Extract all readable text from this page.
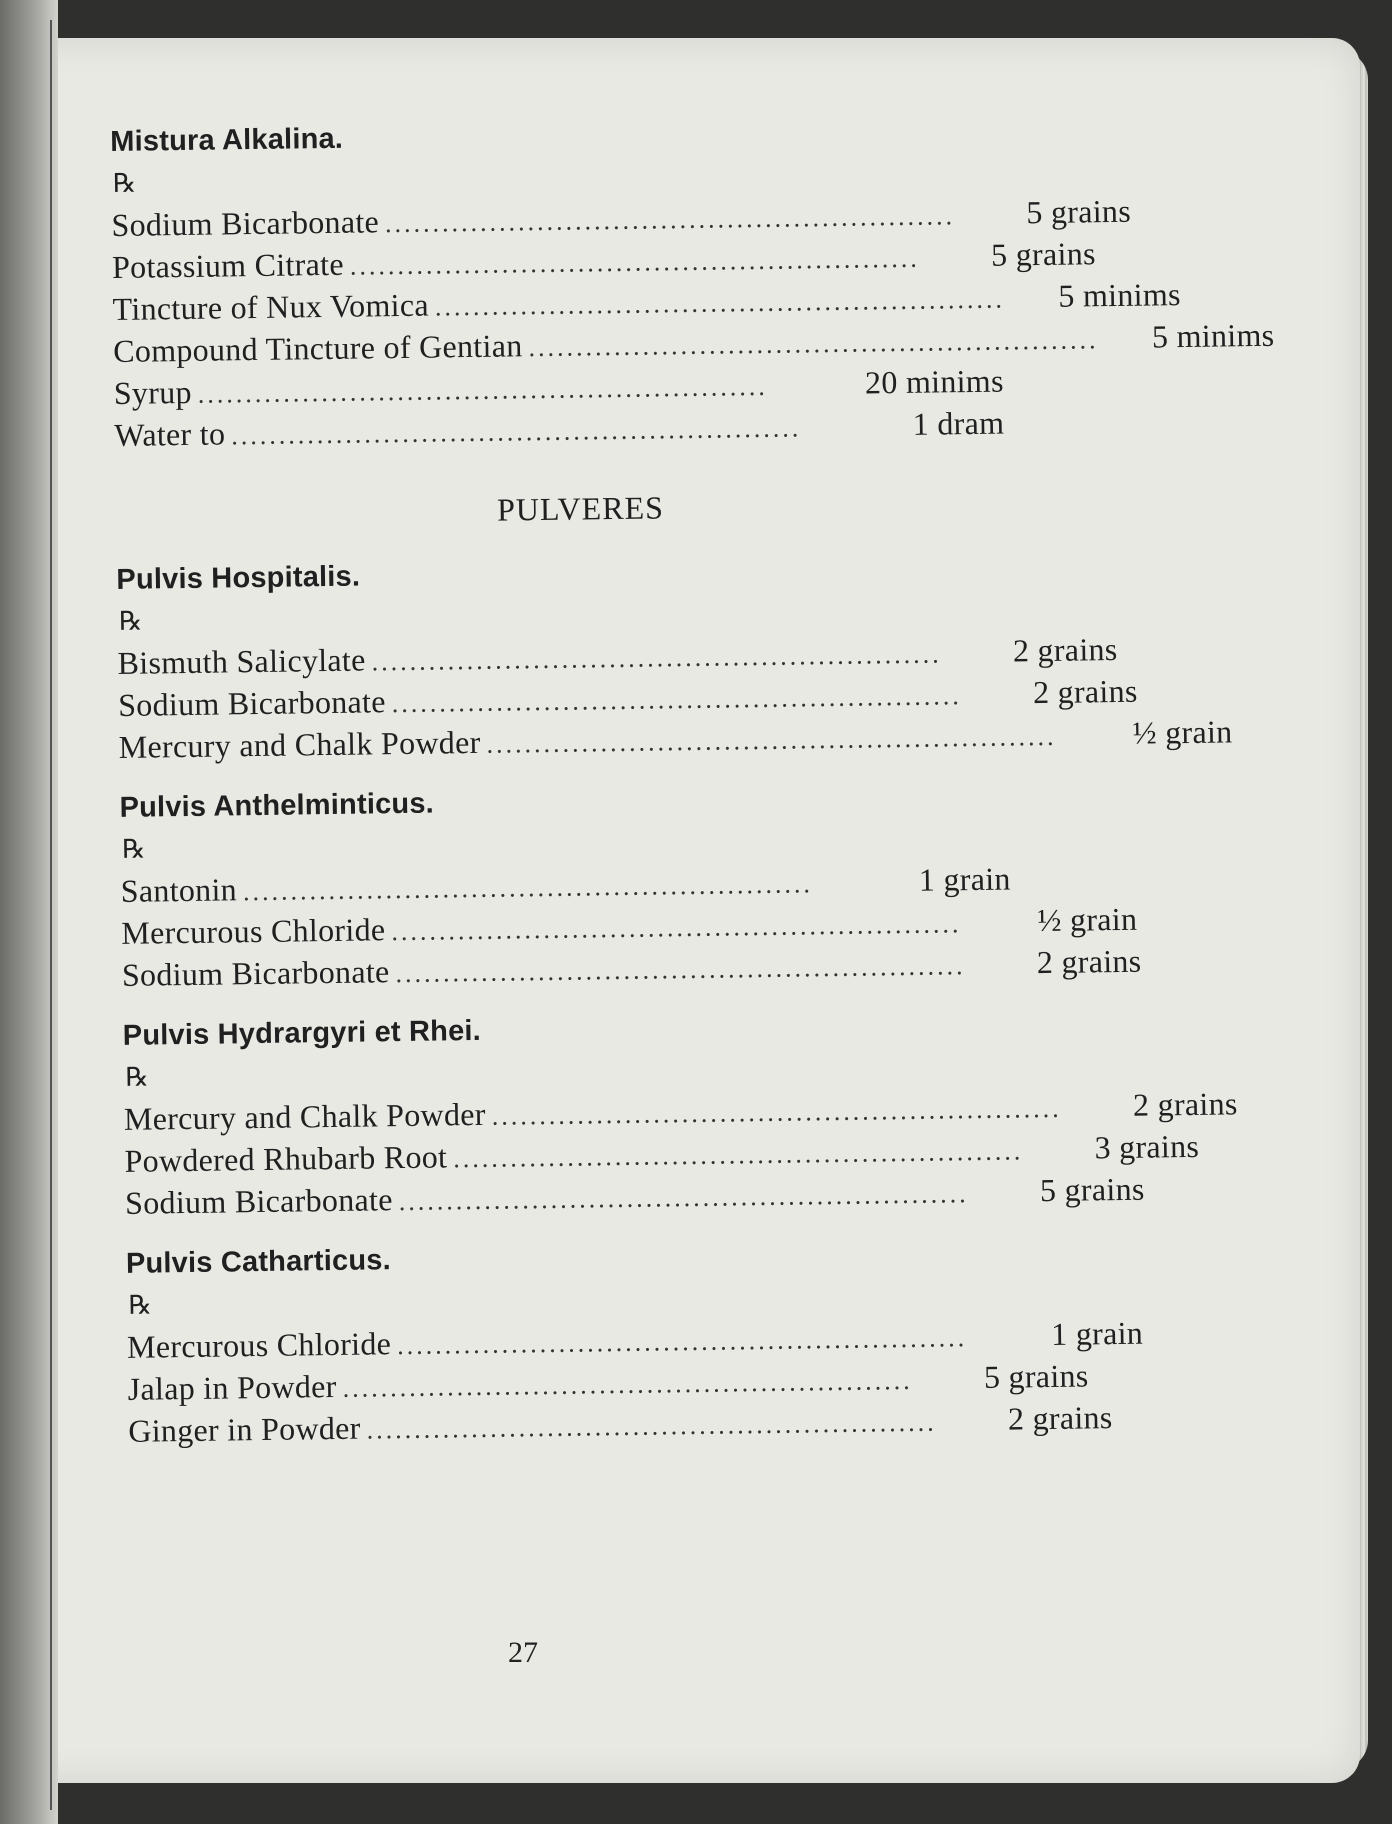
Mistura Alkalina.
℞
Sodium Bicarbonate ............................................................	5 grains
Potassium Citrate ............................................................	5 grains
Tincture of Nux Vomica ............................................................	5 minims
Compound Tincture of Gentian ............................................................	5 minims
Syrup ............................................................	20 minims
Water to ............................................................	1 dram
PULVERES
Pulvis Hospitalis.
℞
Bismuth Salicylate ............................................................	2 grains
Sodium Bicarbonate ............................................................	2 grains
Mercury and Chalk Powder ............................................................	½ grain
Pulvis Anthelminticus.
℞
Santonin ............................................................	1 grain
Mercurous Chloride ............................................................	½ grain
Sodium Bicarbonate ............................................................	2 grains
Pulvis Hydrargyri et Rhei.
℞
Mercury and Chalk Powder ............................................................	2 grains
Powdered Rhubarb Root ............................................................	3 grains
Sodium Bicarbonate ............................................................	5 grains
Pulvis Catharticus.
℞
Mercurous Chloride ............................................................	1 grain
Jalap in Powder ............................................................	5 grains
Ginger in Powder ............................................................	2 grains
27
